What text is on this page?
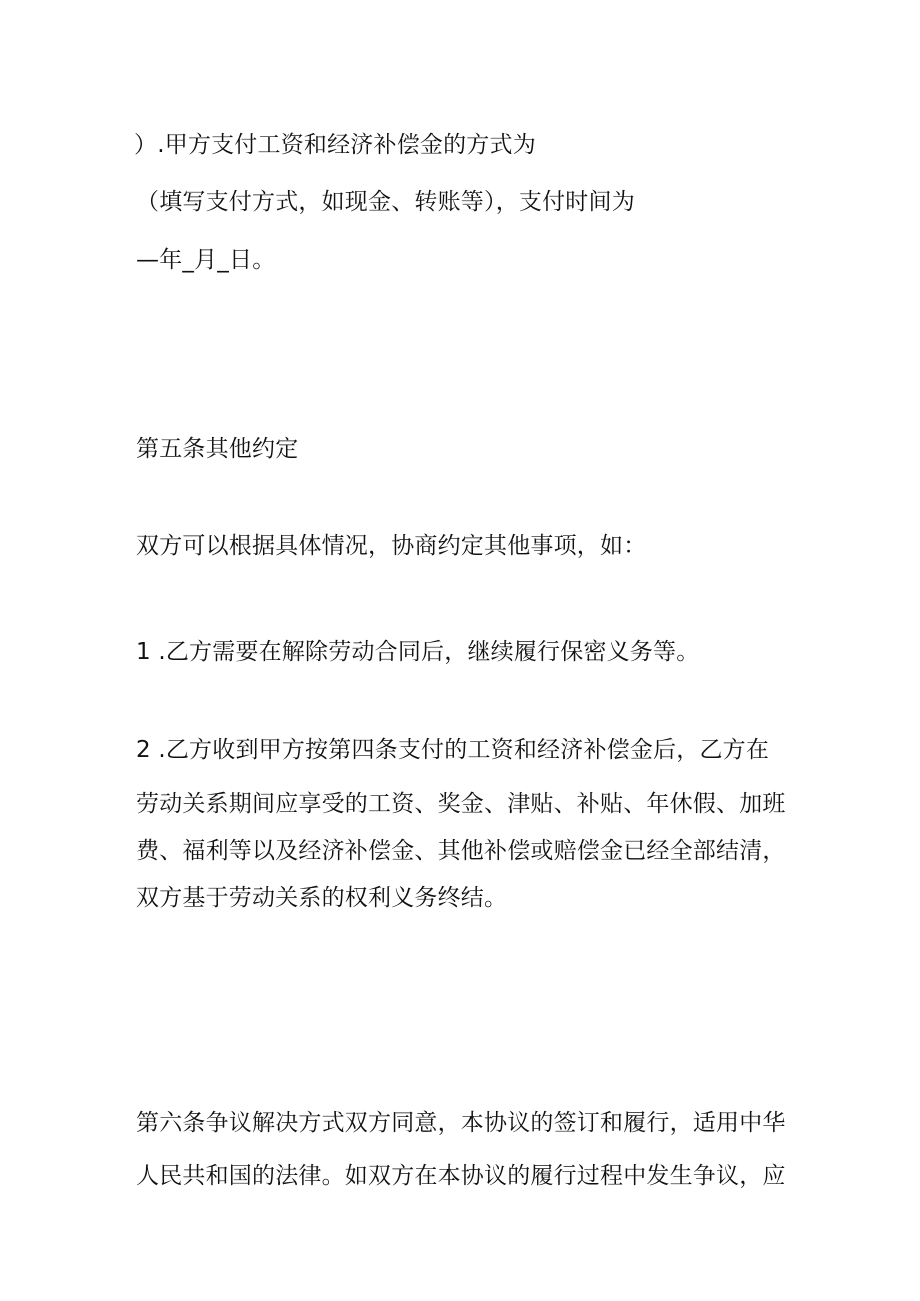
）.甲方支付工资和经济补偿金的方式为
（填写支付方式，如现金、转账等），支付时间为
—年_月_日。
第五条其他约定
双方可以根据具体情况，协商约定其他事项，如：
1 .乙方需要在解除劳动合同后，继续履行保密义务等。
2 .乙方收到甲方按第四条支付的工资和经济补偿金后，乙方在
劳动关系期间应享受的工资、奖金、津贴、补贴、年休假、加班
费、福利等以及经济补偿金、其他补偿或赔偿金已经全部结清，
双方基于劳动关系的权利义务终结。
第六条争议解决方式双方同意，本协议的签订和履行，适用中华
人民共和国的法律。如双方在本协议的履行过程中发生争议，应
